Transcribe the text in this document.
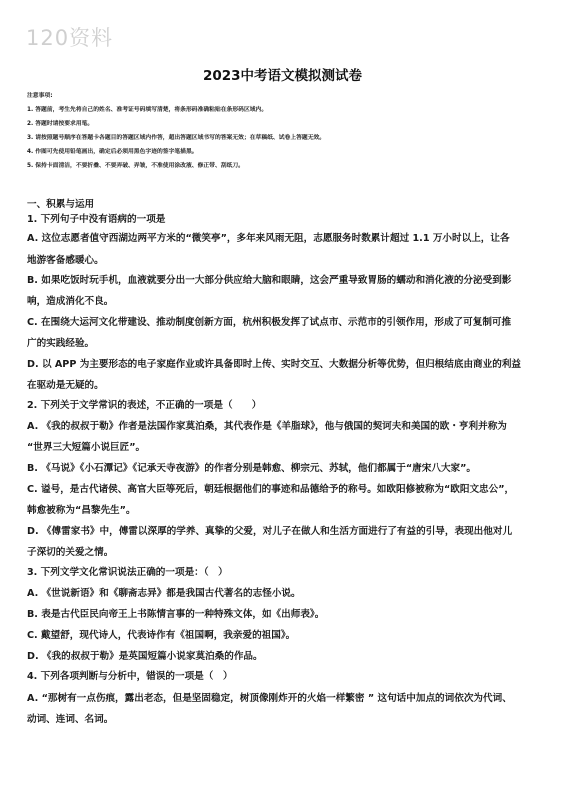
120资料
2023中考语文模拟测试卷
注意事项:
1. 答题前，考生先将自己的姓名、准考证号码填写清楚，将条形码准确粘贴在条形码区域内。
2. 答题时请按要求用笔。
3. 请按照题号顺序在答题卡各题目的答题区域内作答，超出答题区域书写的答案无效；在草稿纸、试卷上答题无效。
4. 作图可先使用铅笔画出，确定后必须用黑色字迹的签字笔描黑。
5. 保持卡面清洁，不要折叠、不要弄破、弄皱，不准使用涂改液、修正带、刮纸刀。
一、积累与运用
1. 下列句子中没有语病的一项是
A. 这位志愿者值守西湖边两平方米的“微笑亭”，多年来风雨无阻，志愿服务时数累计超过 1.1 万小时以上，让各
地游客备感暖心。
B. 如果吃饭时玩手机，血液就要分出一大部分供应给大脑和眼睛，这会严重导致胃肠的蠕动和消化液的分泌受到影
响，造成消化不良。
C. 在围绕大运河文化带建设、推动制度创新方面，杭州积极发挥了试点市、示范市的引领作用，形成了可复制可推
广的实践经验。
D. 以 APP 为主要形态的电子家庭作业或许具备即时上传、实时交互、大数据分析等优势，但归根结底由商业的利益
在驱动是无疑的。
2. 下列关于文学常识的表述，不正确的一项是（　　）
A. 《我的叔叔于勒》作者是法国作家莫泊桑，其代表作是《羊脂球》，他与俄国的契诃夫和美国的欧・亨利并称为
“世界三大短篇小说巨匠”。
B. 《马说》《小石潭记》《记承天寺夜游》的作者分别是韩愈、柳宗元、苏轼，他们都属于“唐宋八大家”。
C. 谥号，是古代诸侯、高官大臣等死后，朝廷根据他们的事迹和品德给予的称号。如欧阳修被称为“欧阳文忠公”，
韩愈被称为“昌黎先生”。
D. 《傅雷家书》中，傅雷以深厚的学养、真挚的父爱，对儿子在做人和生活方面进行了有益的引导，表现出他对儿
子深切的关爱之情。
3. 下列文学文化常识说法正确的一项是：（　）
A. 《世说新语》和《聊斋志异》都是我国古代著名的志怪小说。
B. 表是古代臣民向帝王上书陈情言事的一种特殊文体，如《出师表》。
C. 戴望舒，现代诗人，代表诗作有《祖国啊，我亲爱的祖国》。
D. 《我的叔叔于勒》是英国短篇小说家莫泊桑的作品。
4. 下列各项判断与分析中，错误的一项是（　）
A. “那树有一点伤痕，露出老态，但是坚固稳定，树顶像刚炸开的火焰一样繁密 ” 这句话中加点的词依次为代词、
动词、连词、名词。
